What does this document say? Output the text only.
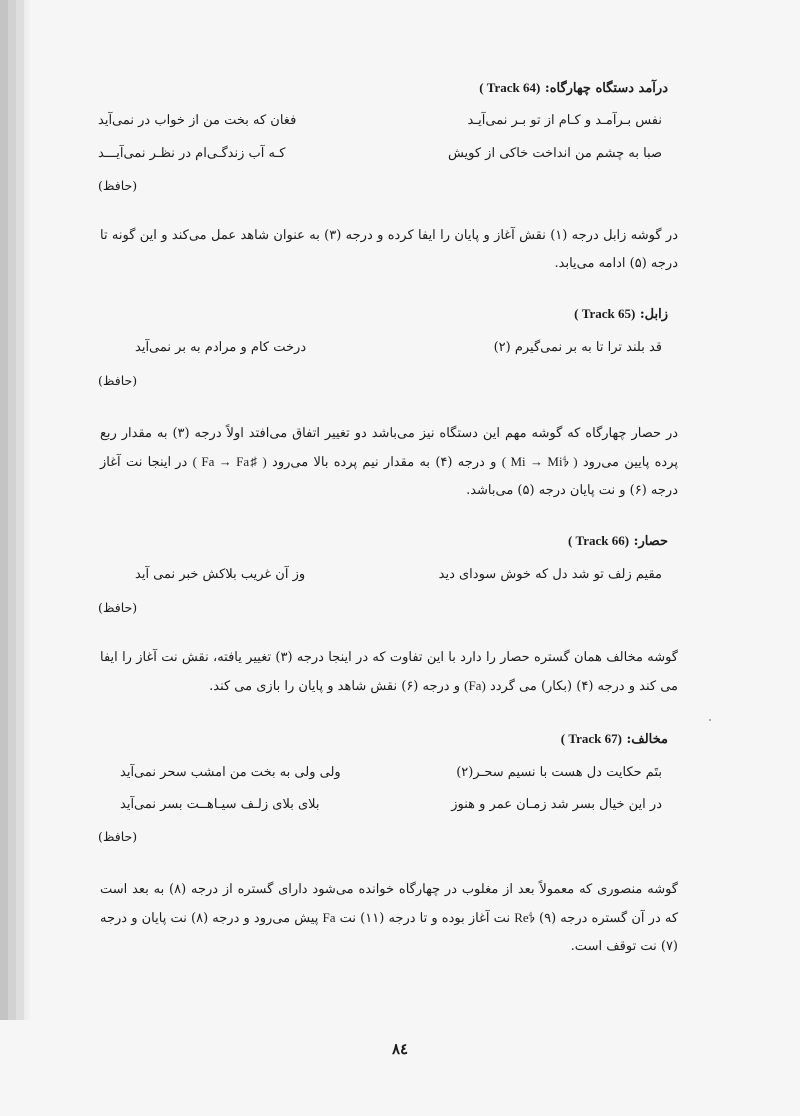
درآمد دستگاه چهارگاه: ( Track 64)
نفس بـرآمـد و کـام از تو بـر نمی‌آیـد
فغان که بخت من از خواب در نمی‌آید
صبا به چشم من انداخت خاکی از کویش
کـه آب زندگـی‌ام در نظـر نمی‌آیـــد
(حافظ)
در گوشه زابل درجه (۱) نقش آغاز و پایان را ایفا کرده و درجه (۳) به عنوان شاهد عمل می‌کند و این گونه تا درجه (۵) ادامه می‌یابد.
زابل: ( Track 65)
قد بلند ترا تا به بر نمی‌گیرم (۲)
درخت کام و مرادم به بر نمی‌آید
(حافظ)
در حصار چهارگاه که گوشه مهم این دستگاه نیز می‌باشد دو تغییر اتفاق می‌افتد اولاً درجه (۳) به مقدار ربع پرده پایین می‌رود ( Mi → Mi𝄳 ) و درجه (۴) به مقدار نیم پرده بالا می‌رود ( Fa → Fa♯ ) در اینجا نت آغاز درجه (۶) و نت پایان درجه (۵) می‌باشد.
حصار: ( Track 66)
مقیم زلف تو شد دل که خوش سودای دید
وز آن غریب بلاکش خبر نمی آید
(حافظ)
گوشه مخالف همان گستره حصار را دارد با این تفاوت که در اینجا درجه (۳) تغییر یافته، نقش نت آغاز را ایفا می کند و درجه (۴) (بکار) می گردد (Fa) و درجه (۶) نقش شاهد و پایان را بازی می کند.
مخالف: ( Track 67)
بتَم حکایت دل هست با نسیم سحـر(۲)
ولی ولی به بخت من امشب سحر نمی‌آید
در این خیال بسر شد زمـان عمر و هنوز
بلای بلای زلـف سیـاهــت بسر نمی‌آید
(حافظ)
گوشه منصوری که معمولاً بعد از مغلوب در چهارگاه خوانده می‌شود دارای گستره از درجه (۸) به بعد است که در آن گستره درجه (۹) Re𝄳 نت آغاز بوده و تا درجه (۱۱) نت Fa پیش می‌رود و درجه (۸) نت پایان و درجه (۷) نت توقف است.
۸٤
